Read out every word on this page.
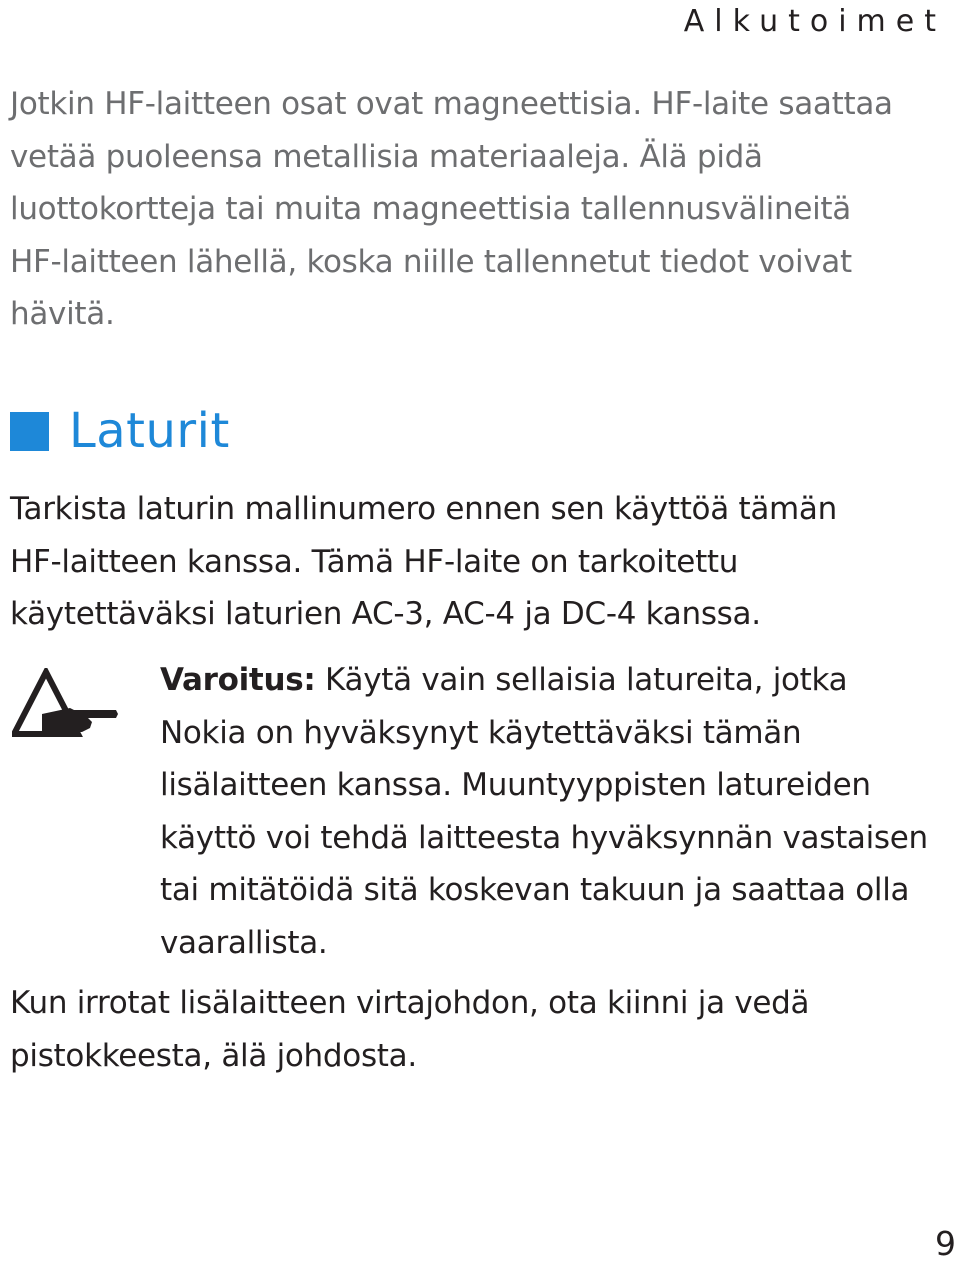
Alkutoimet

Jotkin HF-laitteen osat ovat magneettisia. HF-laite saattaa
vetää puoleensa metallisia materiaaleja. Älä pidä
luottokortteja tai muita magneettisia tallennusvälineitä
HF-laitteen lähellä, koska niille tallennetut tiedot voivat
hävitä.

Laturit

Tarkista laturin mallinumero ennen sen käyttöä tämän
HF-laitteen kanssa. Tämä HF-laite on tarkoitettu
käytettäväksi laturien AC-3, AC-4 ja DC-4 kanssa.

Varoitus: Käytä vain sellaisia latureita, jotka
Nokia on hyväksynyt käytettäväksi tämän
lisälaitteen kanssa. Muuntyyppisten latureiden
käyttö voi tehdä laitteesta hyväksynnän vastaisen
tai mitätöidä sitä koskevan takuun ja saattaa olla
vaarallista.

Kun irrotat lisälaitteen virtajohdon, ota kiinni ja vedä
pistokkeesta, älä johdosta.

9
